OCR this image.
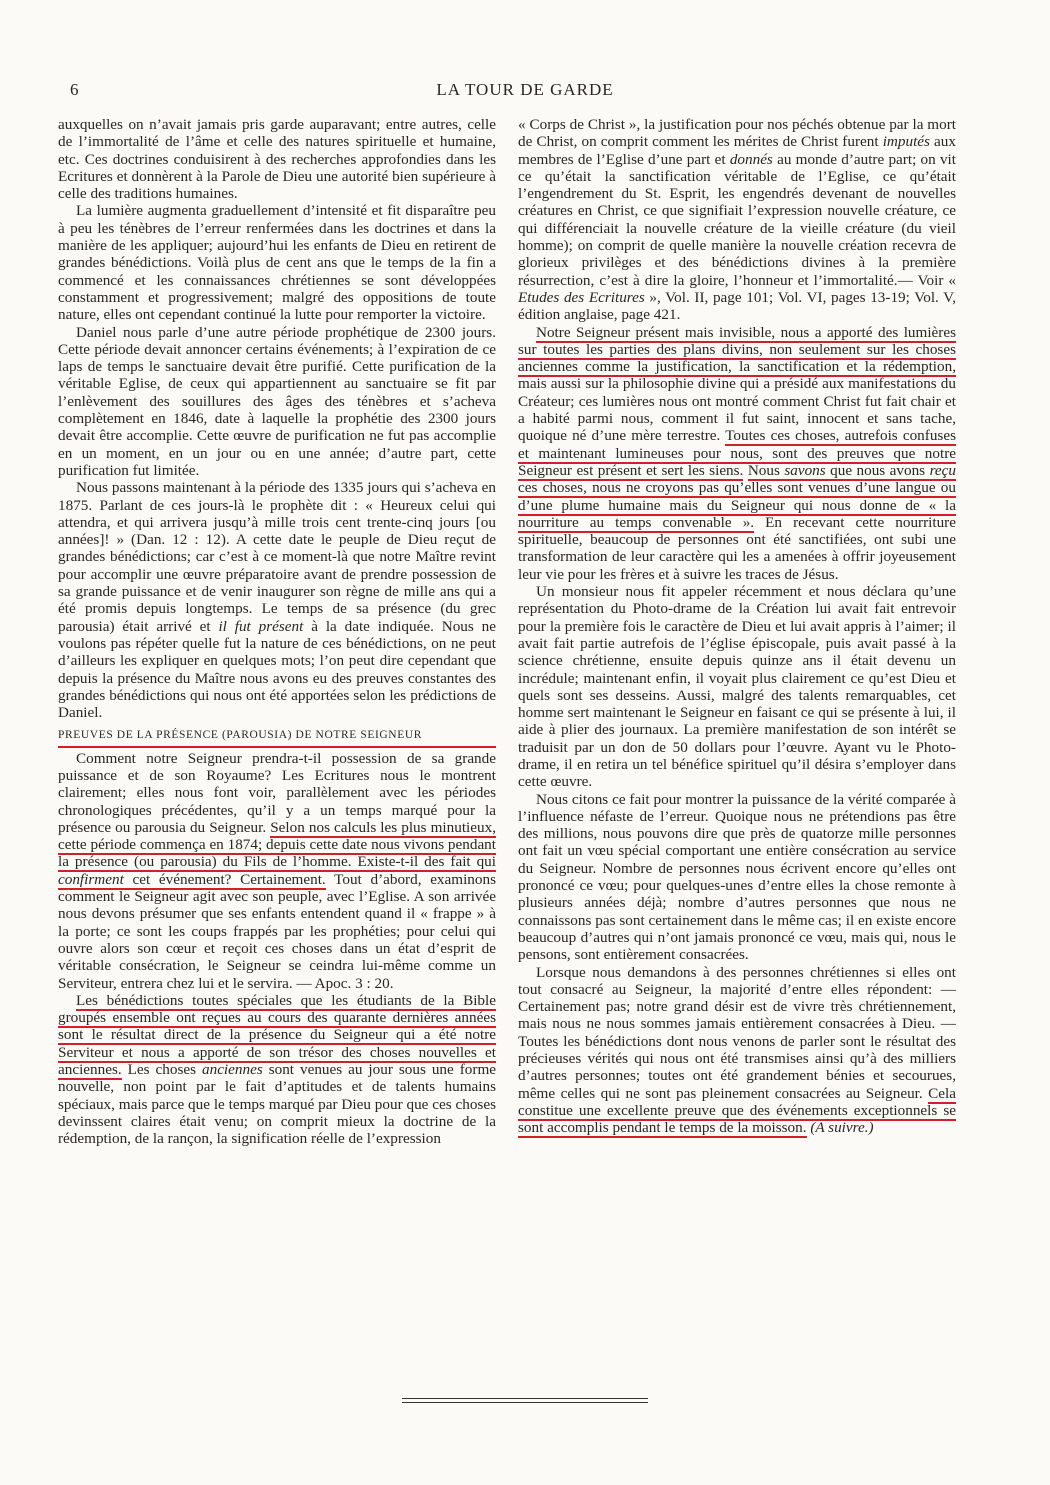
6	LA TOUR DE GARDE

auxquelles on n’avait jamais pris garde auparavant; entre autres, celle de l’immortalité de l’âme et celle des natures spirituelle et humaine, etc. Ces doctrines conduisirent à des recherches approfondies dans les Ecritures et donnèrent à la Parole de Dieu une autorité bien supérieure à celle des traditions humaines.

La lumière augmenta graduellement d’intensité et fit disparaître peu à peu les ténèbres de l’erreur renfermées dans les doctrines et dans la manière de les appliquer; aujourd’hui les enfants de Dieu en retirent de grandes bénédictions. Voilà plus de cent ans que le temps de la fin a commencé et les connaissances chrétiennes se sont développées constamment et progressivement; malgré des oppositions de toute nature, elles ont cependant continué la lutte pour remporter la victoire.

Daniel nous parle d’une autre période prophétique de 2300 jours. Cette période devait annoncer certains événements; à l’expiration de ce laps de temps le sanctuaire devait être purifié. Cette purification de la véritable Eglise, de ceux qui appartiennent au sanctuaire se fit par l’enlèvement des souillures des âges des ténèbres et s’acheva complètement en 1846, date à laquelle la prophétie des 2300 jours devait être accomplie. Cette œuvre de purification ne fut pas accomplie en un moment, en un jour ou en une année; d’autre part, cette purification fut limitée.

Nous passons maintenant à la période des 1335 jours qui s’acheva en 1875. Parlant de ces jours-là le prophète dit : « Heureux celui qui attendra, et qui arrivera jusqu’à mille trois cent trente-cinq jours [ou années]! » (Dan. 12 : 12). A cette date le peuple de Dieu reçut de grandes bénédictions; car c’est à ce moment-là que notre Maître revint pour accomplir une œuvre préparatoire avant de prendre possession de sa grande puissance et de venir inaugurer son règne de mille ans qui a été promis depuis longtemps. Le temps de sa présence (du grec parousia) était arrivé et il fut présent à la date indiquée. Nous ne voulons pas répéter quelle fut la nature de ces bénédictions, on ne peut d’ailleurs les expliquer en quelques mots; l’on peut dire cependant que depuis la présence du Maître nous avons eu des preuves constantes des grandes bénédictions qui nous ont été apportées selon les prédictions de Daniel.

PREUVES DE LA PRÉSENCE (PAROUSIA) DE NOTRE SEIGNEUR

Comment notre Seigneur prendra-t-il possession de sa grande puissance et de son Royaume? Les Ecritures nous le montrent clairement; elles nous font voir, parallèlement avec les périodes chronologiques précédentes, qu’il y a un temps marqué pour la présence ou parousia du Seigneur. Selon nos calculs les plus minutieux, cette période commença en 1874; depuis cette date nous vivons pendant la présence (ou parousia) du Fils de l’homme. Existe-t-il des fait qui confirment cet événement? Certainement. Tout d’abord, examinons comment le Seigneur agit avec son peuple, avec l’Eglise. A son arrivée nous devons présumer que ses enfants entendent quand il « frappe » à la porte; ce sont les coups frappés par les prophéties; pour celui qui ouvre alors son cœur et reçoit ces choses dans un état d’esprit de véritable consécration, le Seigneur se ceindra lui-même comme un Serviteur, entrera chez lui et le servira. — Apoc. 3 : 20.

Les bénédictions toutes spéciales que les étudiants de la Bible groupés ensemble ont reçues au cours des quarante dernières années sont le résultat direct de la présence du Seigneur qui a été notre Serviteur et nous a apporté de son trésor des choses nouvelles et anciennes. Les choses anciennes sont venues au jour sous une forme nouvelle, non point par le fait d’aptitudes et de talents humains spéciaux, mais parce que le temps marqué par Dieu pour que ces choses devinssent claires était venu; on comprit mieux la doctrine de la rédemption, de la rançon, la signification réelle de l’expression

« Corps de Christ », la justification pour nos péchés obtenue par la mort de Christ, on comprit comment les mérites de Christ furent imputés aux membres de l’Eglise d’une part et donnés au monde d’autre part; on vit ce qu’était la sanctification véritable de l’Eglise, ce qu’était l’engendrement du St. Esprit, les engendrés devenant de nouvelles créatures en Christ, ce que signifiait l’expression nouvelle créature, ce qui différenciait la nouvelle créature de la vieille créature (du vieil homme); on comprit de quelle manière la nouvelle création recevra de glorieux privilèges et des bénédictions divines à la première résurrection, c’est à dire la gloire, l’honneur et l’immortalité.— Voir « Etudes des Ecritures », Vol. II, page 101; Vol. VI, pages 13-19; Vol. V, édition anglaise, page 421.

Notre Seigneur présent mais invisible, nous a apporté des lumières sur toutes les parties des plans divins, non seulement sur les choses anciennes comme la justification, la sanctification et la rédemption, mais aussi sur la philosophie divine qui a présidé aux manifestations du Créateur; ces lumières nous ont montré comment Christ fut fait chair et a habité parmi nous, comment il fut saint, innocent et sans tache, quoique né d’une mère terrestre. Toutes ces choses, autrefois confuses et maintenant lumineuses pour nous, sont des preuves que notre Seigneur est présent et sert les siens. Nous savons que nous avons reçu ces choses, nous ne croyons pas qu’elles sont venues d’une langue ou d’une plume humaine mais du Seigneur qui nous donne de « la nourriture au temps convenable ». En recevant cette nourriture spirituelle, beaucoup de personnes ont été sanctifiées, ont subi une transformation de leur caractère qui les a amenées à offrir joyeusement leur vie pour les frères et à suivre les traces de Jésus.

Un monsieur nous fit appeler récemment et nous déclara qu’une représentation du Photo-drame de la Création lui avait fait entrevoir pour la première fois le caractère de Dieu et lui avait appris à l’aimer; il avait fait partie autrefois de l’église épiscopale, puis avait passé à la science chrétienne, ensuite depuis quinze ans il était devenu un incrédule; maintenant enfin, il voyait plus clairement ce qu’est Dieu et quels sont ses desseins. Aussi, malgré des talents remarquables, cet homme sert maintenant le Seigneur en faisant ce qui se présente à lui, il aide à plier des journaux. La première manifestation de son intérêt se traduisit par un don de 50 dollars pour l’œuvre. Ayant vu le Photo-drame, il en retira un tel bénéfice spirituel qu’il désira s’employer dans cette œuvre.

Nous citons ce fait pour montrer la puissance de la vérité comparée à l’influence néfaste de l’erreur. Quoique nous ne prétendions pas être des millions, nous pouvons dire que près de quatorze mille personnes ont fait un vœu spécial comportant une entière consécration au service du Seigneur. Nombre de personnes nous écrivent encore qu’elles ont prononcé ce vœu; pour quelques-unes d’entre elles la chose remonte à plusieurs années déjà; nombre d’autres personnes que nous ne connaissons pas sont certainement dans le même cas; il en existe encore beaucoup d’autres qui n’ont jamais prononcé ce vœu, mais qui, nous le pensons, sont entièrement consacrées.

Lorsque nous demandons à des personnes chrétiennes si elles ont tout consacré au Seigneur, la majorité d’entre elles répondent: — Certainement pas; notre grand désir est de vivre très chrétiennement, mais nous ne nous sommes jamais entièrement consacrées à Dieu. — Toutes les bénédictions dont nous venons de parler sont le résultat des précieuses vérités qui nous ont été transmises ainsi qu’à des milliers d’autres personnes; toutes ont été grandement bénies et secourues, même celles qui ne sont pas pleinement consacrées au Seigneur. Cela constitue une excellente preuve que des événements exceptionnels se sont accomplis pendant le temps de la moisson. (A suivre.)
